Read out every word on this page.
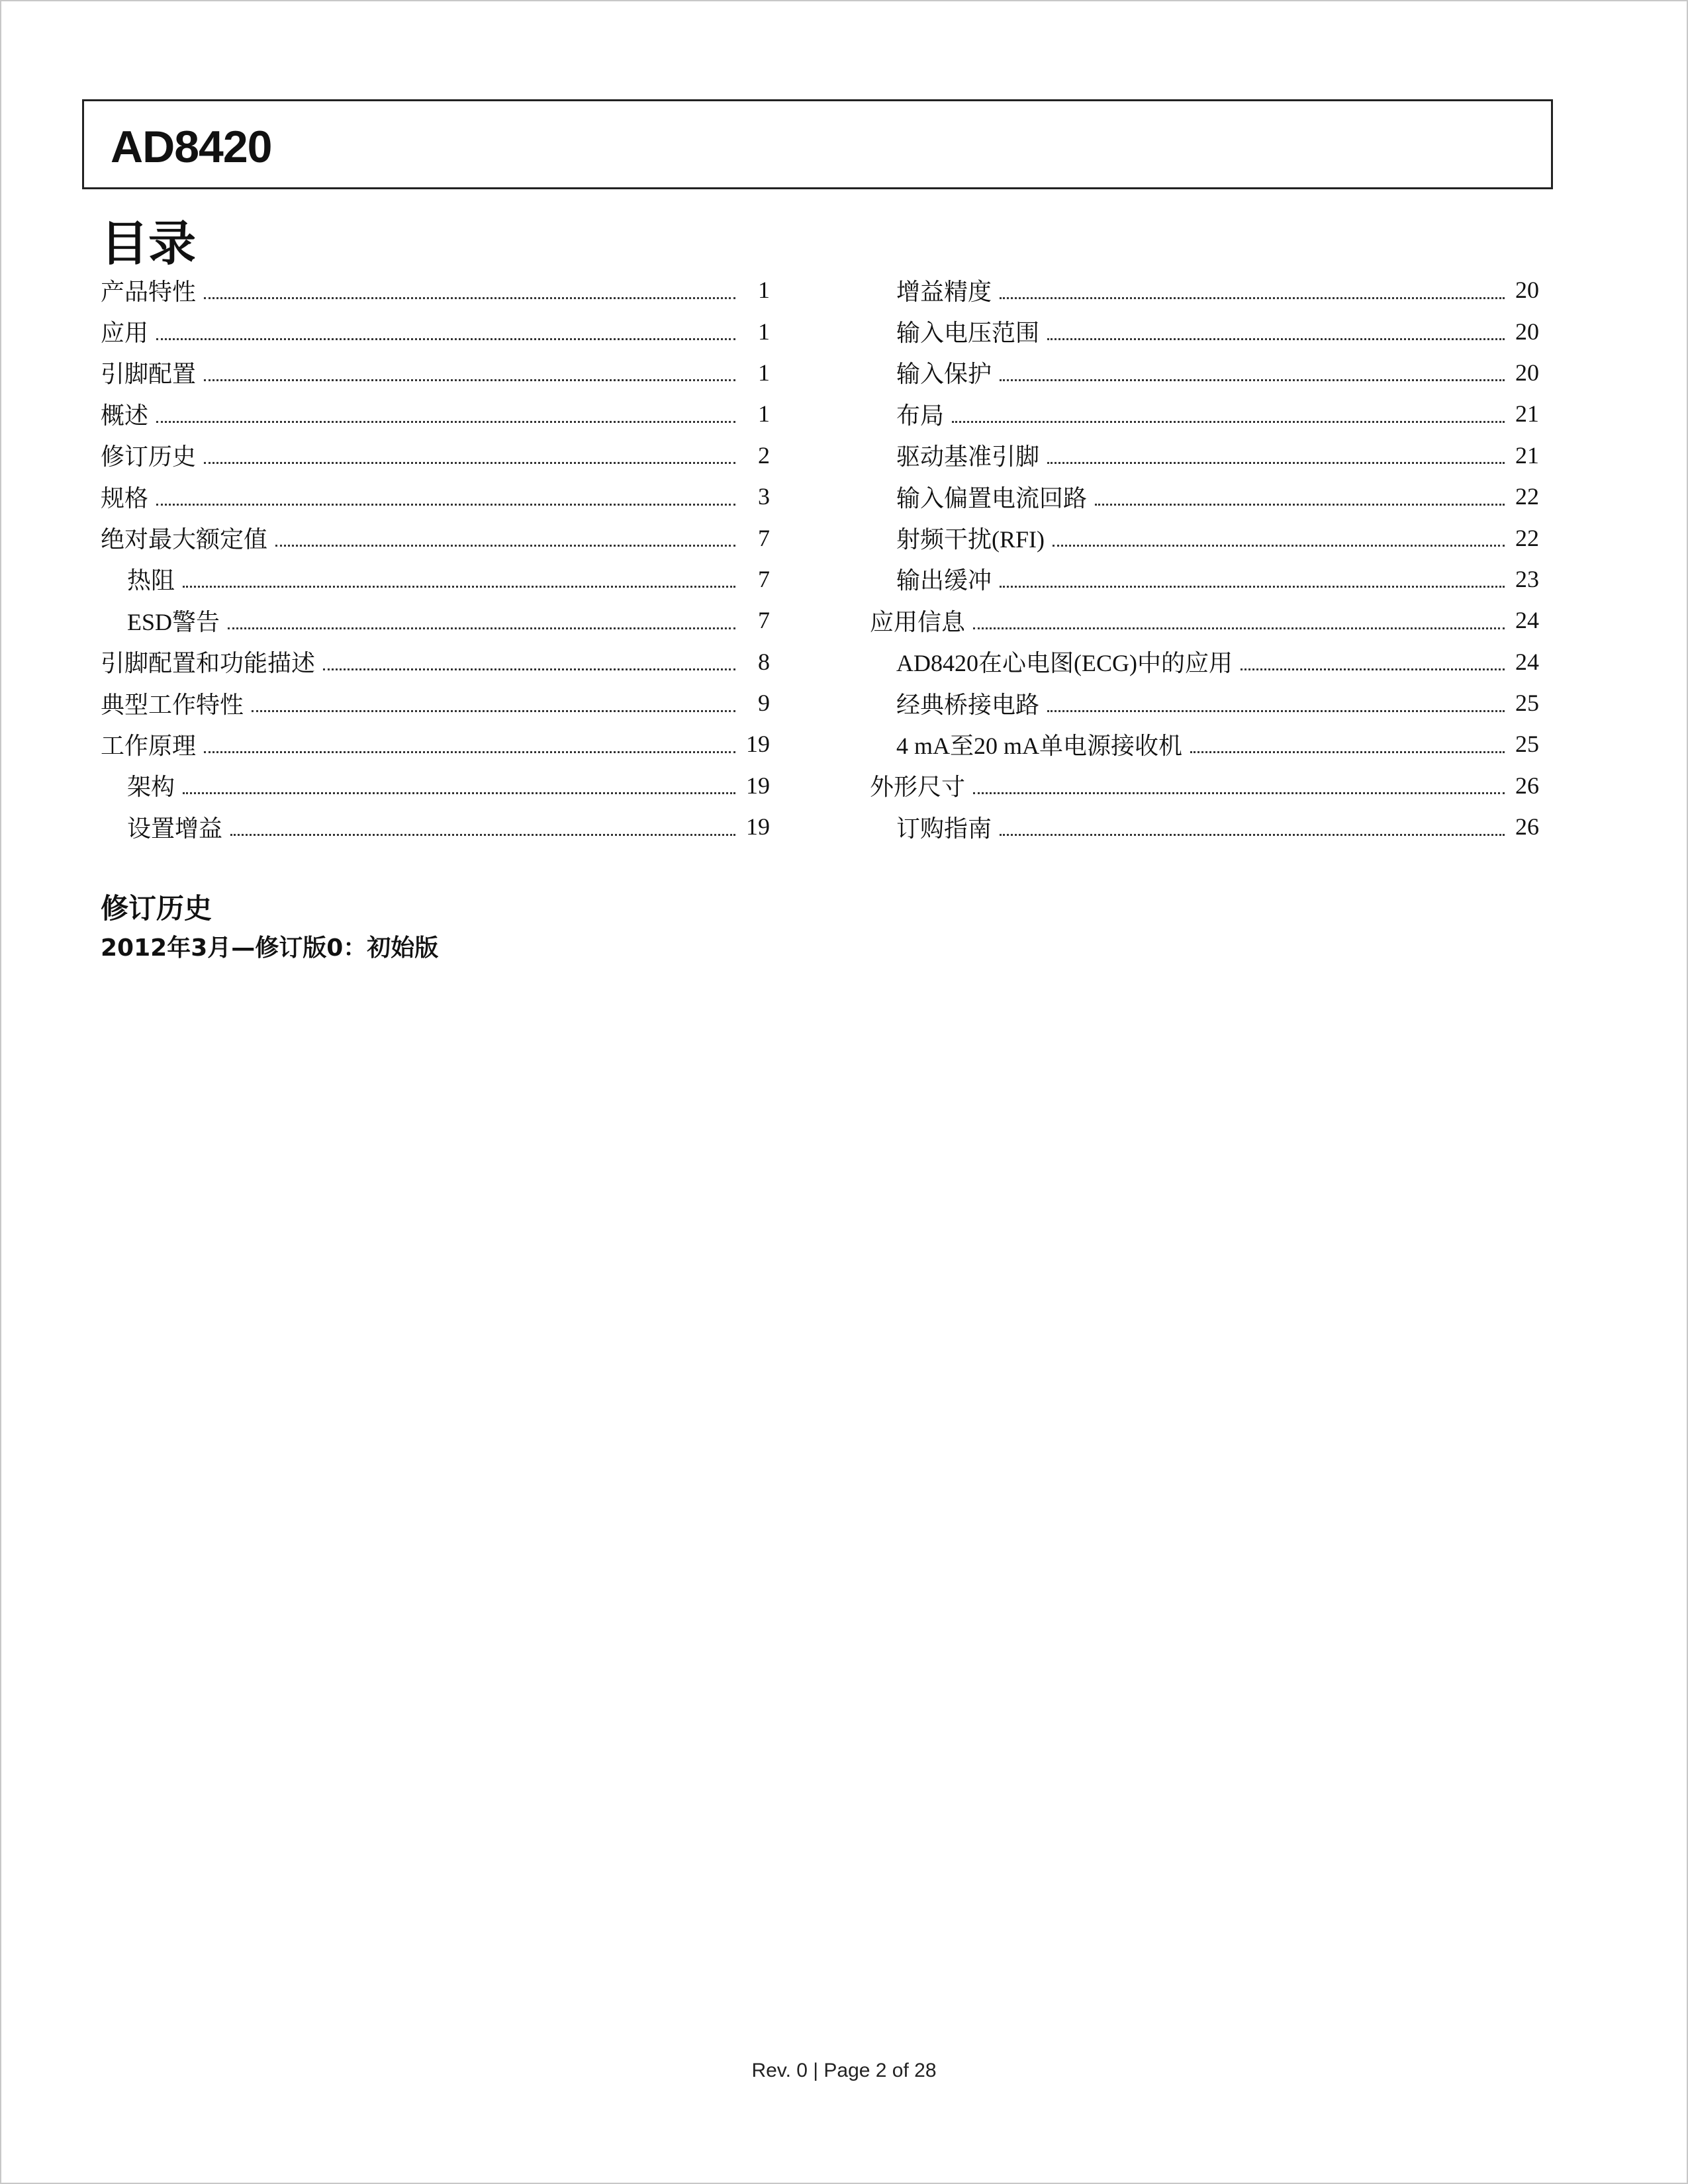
AD8420
目录
产品特性	1
应用	1
引脚配置	1
概述	1
修订历史	2
规格	3
绝对最大额定值	7
热阻	7
ESD警告	7
引脚配置和功能描述	8
典型工作特性	9
工作原理	19
架构	19
设置增益	19
增益精度	20
输入电压范围	20
输入保护	20
布局	21
驱动基准引脚	21
输入偏置电流回路	22
射频干扰(RFI)	22
输出缓冲	23
应用信息	24
AD8420在心电图(ECG)中的应用	24
经典桥接电路	25
4 mA至20 mA单电源接收机	25
外形尺寸	26
订购指南	26
修订历史
2012年3月—修订版0：初始版
Rev. 0 | Page 2 of 28
